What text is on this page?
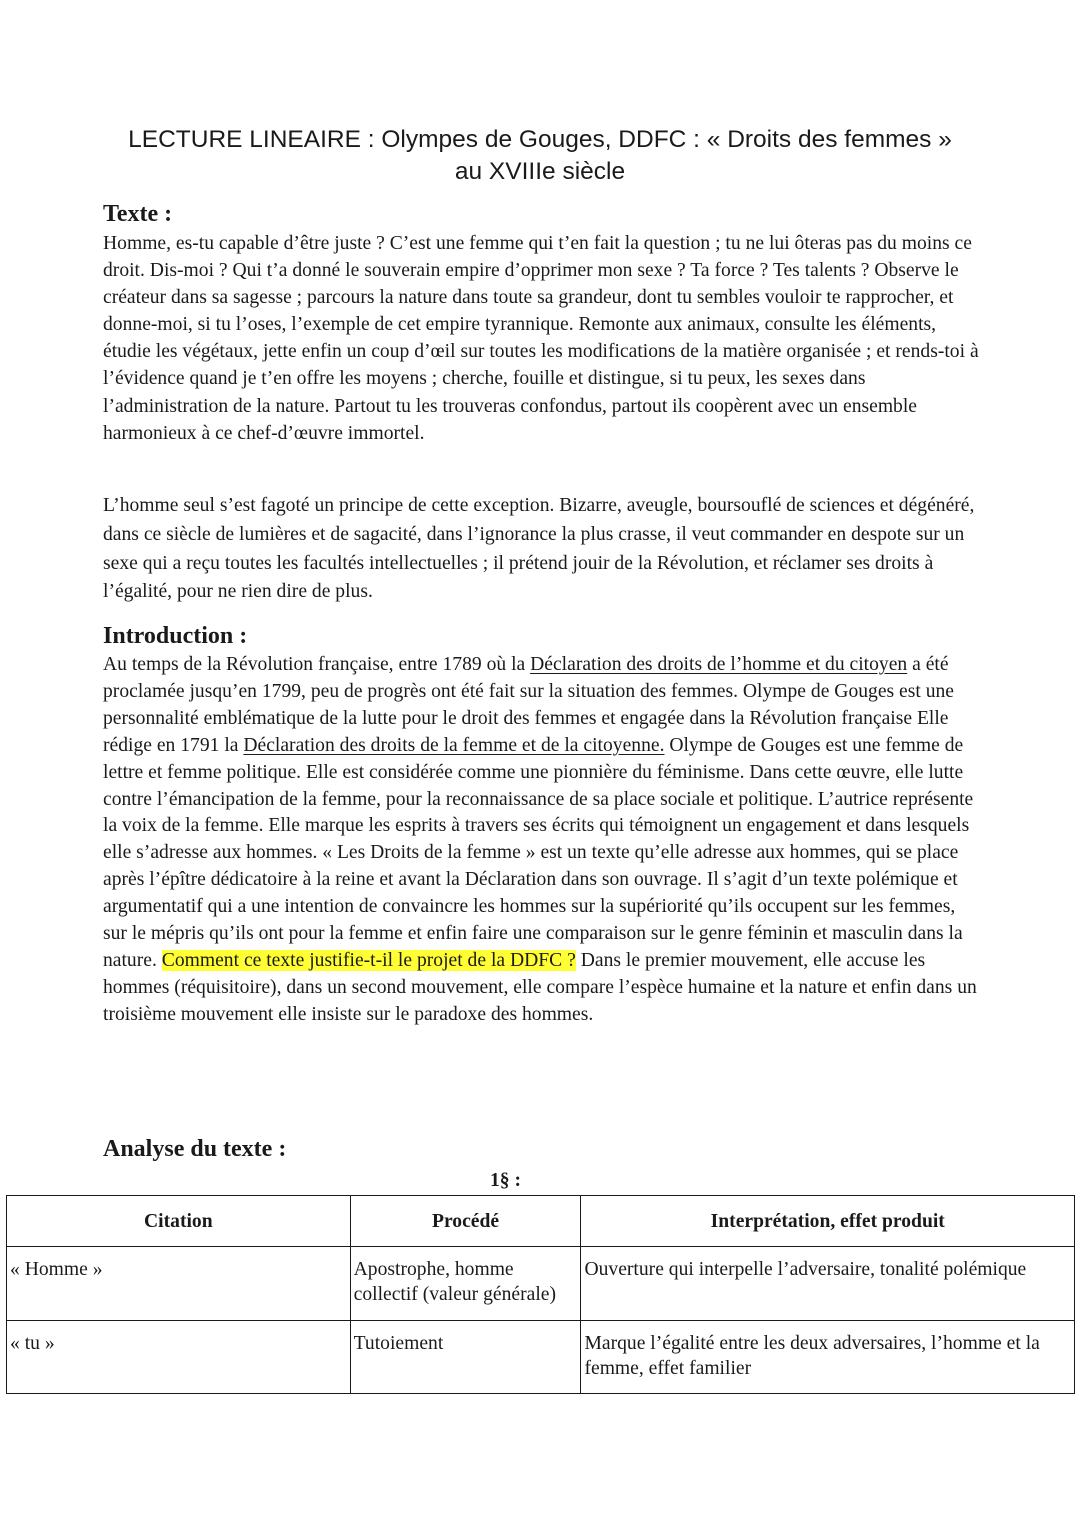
LECTURE LINEAIRE : Olympes de Gouges, DDFC : « Droits des femmes »
au XVIIIe siècle
Texte :

Homme, es-tu capable d’être juste ? C’est une femme qui t’en fait la question ; tu ne lui ôteras pas du moins ce droit. Dis-moi ? Qui t’a donné le souverain empire d’opprimer mon sexe ? Ta force ? Tes talents ? Observe le créateur dans sa sagesse ; parcours la nature dans toute sa grandeur, dont tu sembles vouloir te rapprocher, et donne-moi, si tu l’oses, l’exemple de cet empire tyrannique. Remonte aux animaux, consulte les éléments, étudie les végétaux, jette enfin un coup d’œil sur toutes les modifications de la matière organisée ; et rends-toi à l’évidence quand je t’en offre les moyens ; cherche, fouille et distingue, si tu peux, les sexes dans l’administration de la nature. Partout tu les trouveras confondus, partout ils coopèrent avec un ensemble harmonieux à ce chef-d’œuvre immortel.

L’homme seul s’est fagoté un principe de cette exception. Bizarre, aveugle, boursouflé de sciences et dégénéré, dans ce siècle de lumières et de sagacité, dans l’ignorance la plus crasse, il veut commander en despote sur un sexe qui a reçu toutes les facultés intellectuelles ; il prétend jouir de la Révolution, et réclamer ses droits à l’égalité, pour ne rien dire de plus.

Introduction :

Au temps de la Révolution française, entre 1789 où la Déclaration des droits de l’homme et du citoyen a été proclamée jusqu’en 1799, peu de progrès ont été fait sur la situation des femmes. Olympe de Gouges est une personnalité emblématique de la lutte pour le droit des femmes et engagée dans la Révolution française Elle rédige en 1791 la Déclaration des droits de la femme et de la citoyenne. Olympe de Gouges est une femme de lettre et femme politique. Elle est considérée comme une pionnière du féminisme. Dans cette œuvre, elle lutte contre l’émancipation de la femme, pour la reconnaissance de sa place sociale et politique. L’autrice représente la voix de la femme. Elle marque les esprits à travers ses écrits qui témoignent un engagement et dans lesquels elle s’adresse aux hommes. « Les Droits de la femme » est un texte qu’elle adresse aux hommes, qui se place après l’épître dédicatoire à la reine et avant la Déclaration dans son ouvrage. Il s’agit d’un texte polémique et argumentatif qui a une intention de convaincre les hommes sur la supériorité qu’ils occupent sur les femmes, sur le mépris qu’ils ont pour la femme et enfin faire une comparaison sur le genre féminin et masculin dans la nature. Comment ce texte justifie-t-il le projet de la DDFC ? Dans le premier mouvement, elle accuse les hommes (réquisitoire), dans un second mouvement, elle compare l’espèce humaine et la nature et enfin dans un troisième mouvement elle insiste sur le paradoxe des hommes.

Analyse du texte :
1§ :
Citation	Procédé	Interprétation, effet produit
« Homme »	Apostrophe, homme collectif (valeur générale)	Ouverture qui interpelle l’adversaire, tonalité polémique
« tu »	Tutoiement	Marque l’égalité entre les deux adversaires, l’homme et la femme, effet familier
